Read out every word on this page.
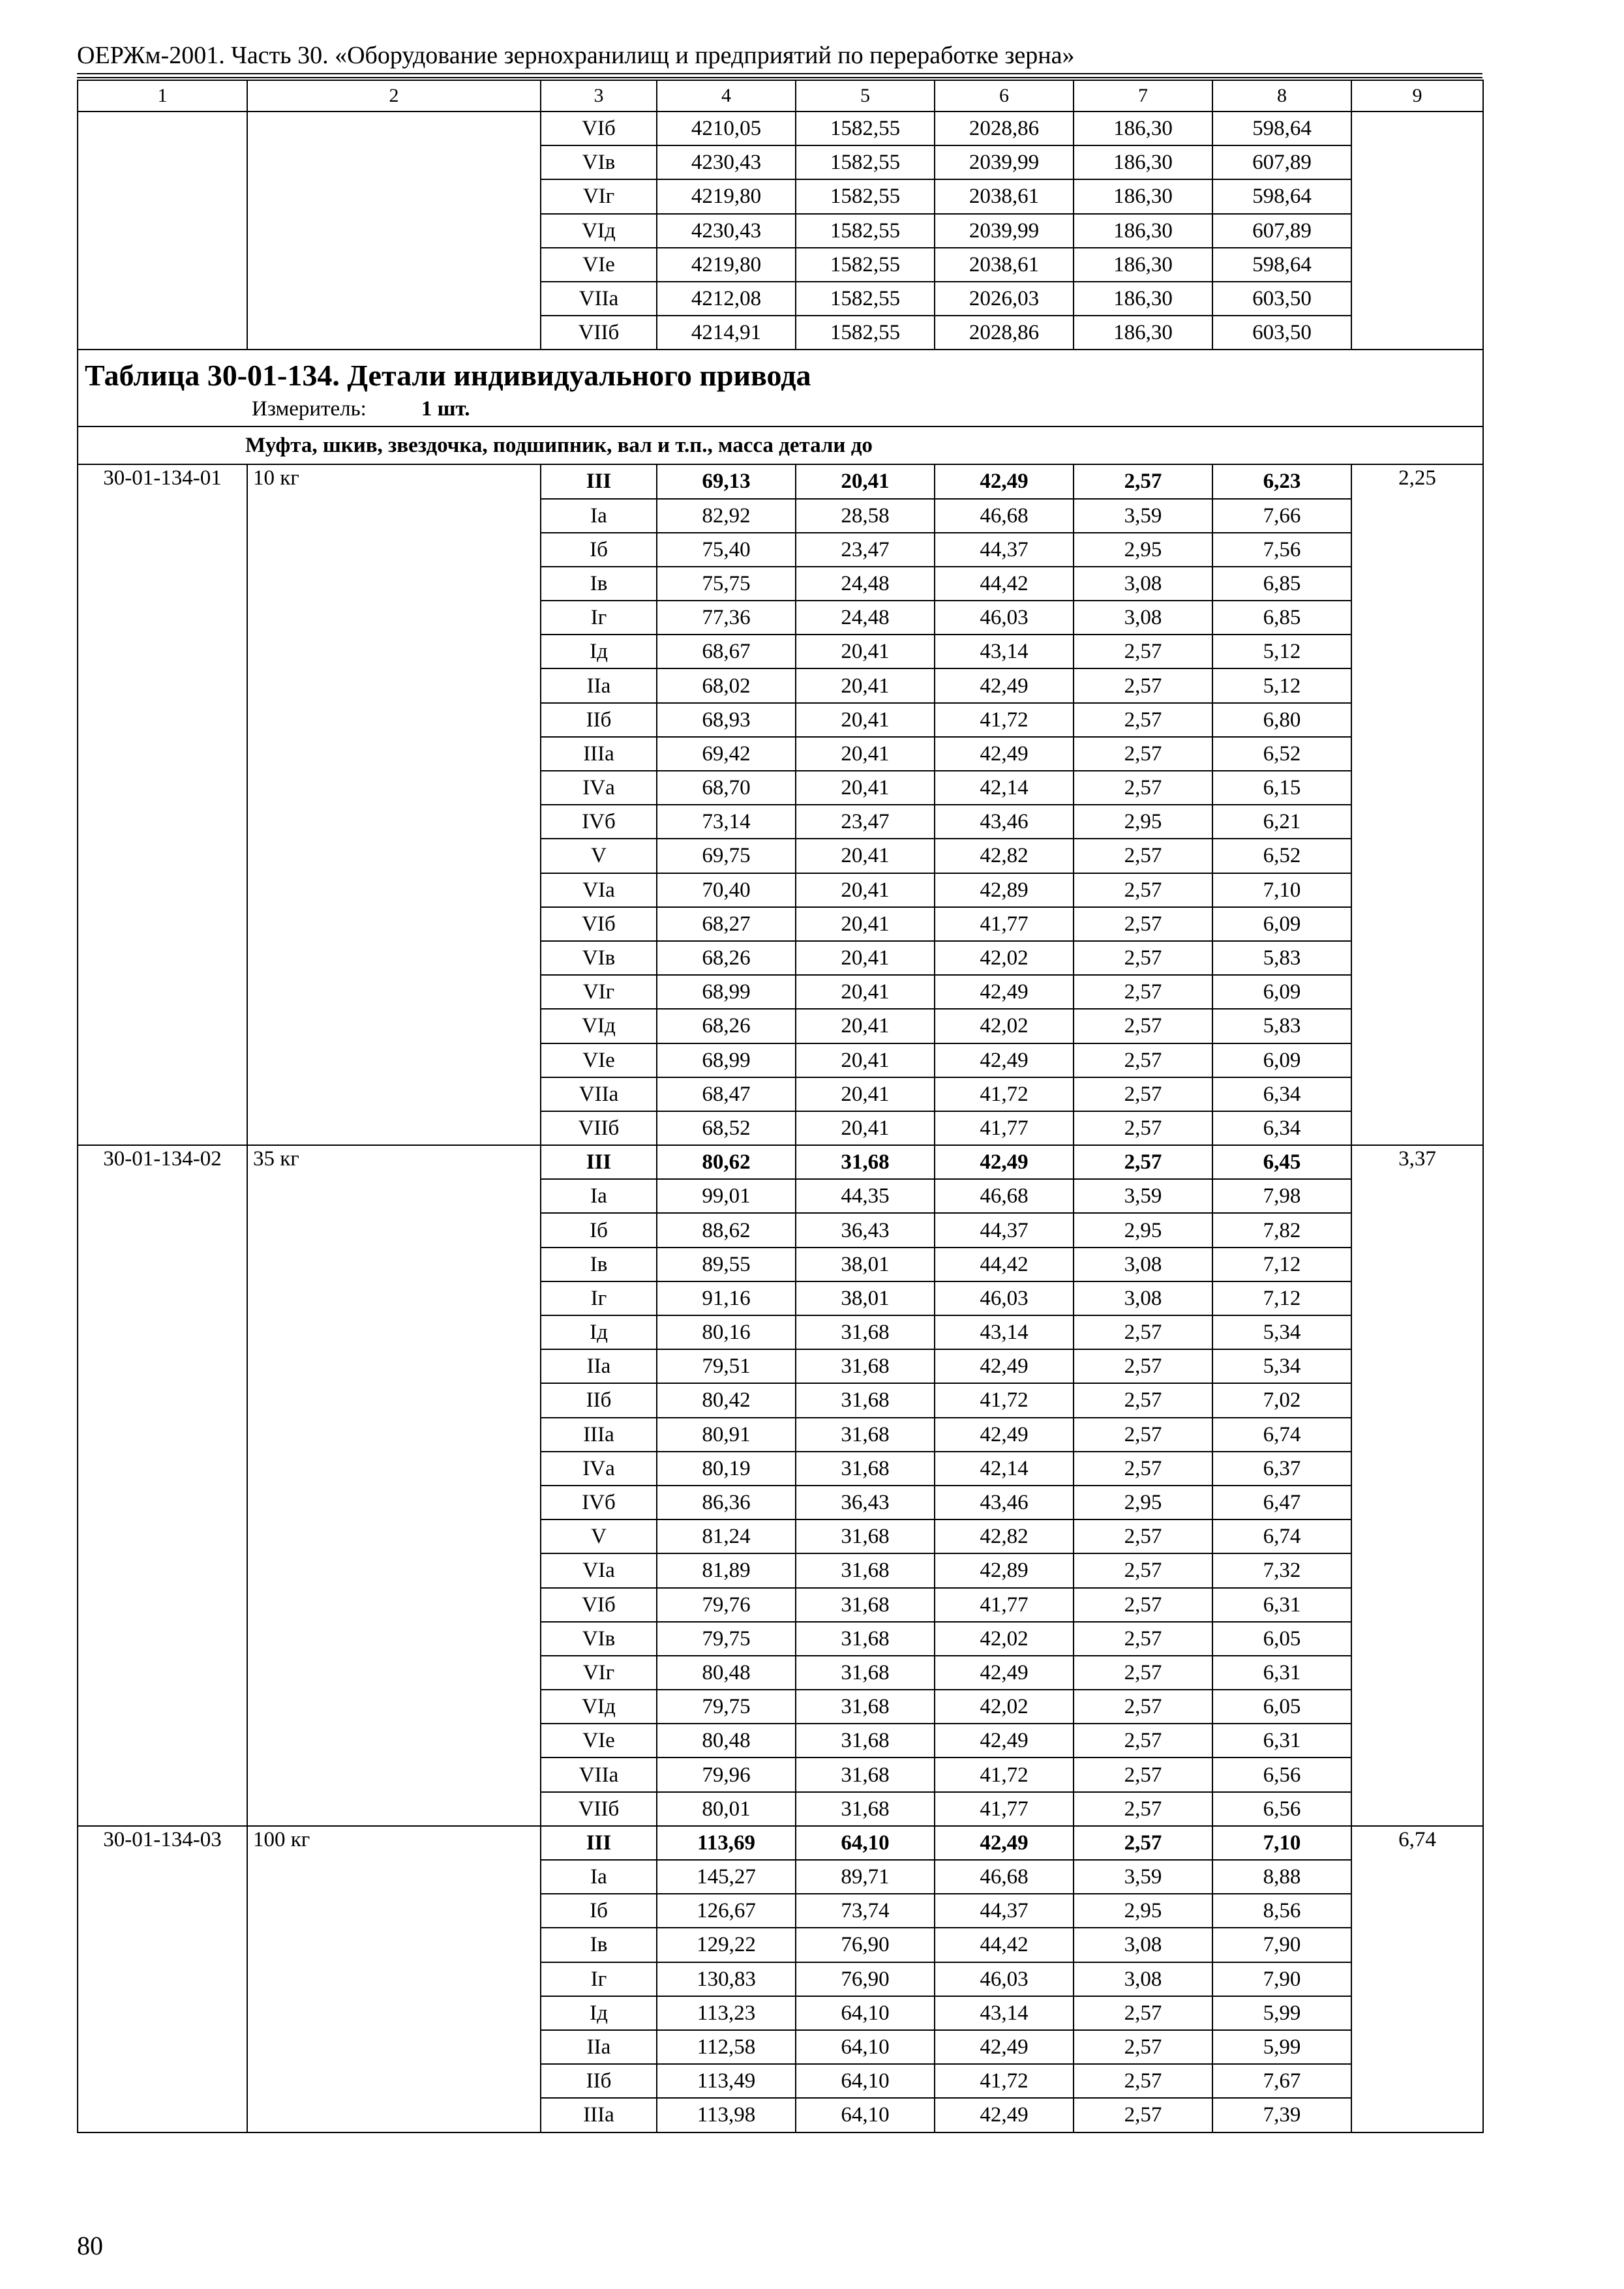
ОЕРЖм-2001. Часть 30. «Оборудование зернохранилищ и предприятий по переработке зерна»
1	2	3	4	5	6	7	8	9
		VIб	4210,05	1582,55	2028,86	186,30	598,64	
		VIв	4230,43	1582,55	2039,99	186,30	607,89	
		VIг	4219,80	1582,55	2038,61	186,30	598,64	
		VIд	4230,43	1582,55	2039,99	186,30	607,89	
		VIе	4219,80	1582,55	2038,61	186,30	598,64	
		VIIа	4212,08	1582,55	2026,03	186,30	603,50	
		VIIб	4214,91	1582,55	2028,86	186,30	603,50	

Таблица 30-01-134. Детали индивидуального привода
Измеритель: 1 шт.								

Муфта, шкив, звездочка, подшипник, вал и т.п., масса детали до								
30-01-134-01	10 кг	III	69,13	20,41	42,49	2,57	6,23	2,25
		Iа	82,92	28,58	46,68	3,59	7,66	
		Iб	75,40	23,47	44,37	2,95	7,56	
		Iв	75,75	24,48	44,42	3,08	6,85	
		Iг	77,36	24,48	46,03	3,08	6,85	
		Iд	68,67	20,41	43,14	2,57	5,12	
		IIа	68,02	20,41	42,49	2,57	5,12	
		IIб	68,93	20,41	41,72	2,57	6,80	
		IIIа	69,42	20,41	42,49	2,57	6,52	
		IVа	68,70	20,41	42,14	2,57	6,15	
		IVб	73,14	23,47	43,46	2,95	6,21	
		V	69,75	20,41	42,82	2,57	6,52	
		VIа	70,40	20,41	42,89	2,57	7,10	
		VIб	68,27	20,41	41,77	2,57	6,09	
		VIв	68,26	20,41	42,02	2,57	5,83	
		VIг	68,99	20,41	42,49	2,57	6,09	
		VIд	68,26	20,41	42,02	2,57	5,83	
		VIе	68,99	20,41	42,49	2,57	6,09	
		VIIа	68,47	20,41	41,72	2,57	6,34	
		VIIб	68,52	20,41	41,77	2,57	6,34	
30-01-134-02	35 кг	III	80,62	31,68	42,49	2,57	6,45	3,37
		Iа	99,01	44,35	46,68	3,59	7,98	
		Iб	88,62	36,43	44,37	2,95	7,82	
		Iв	89,55	38,01	44,42	3,08	7,12	
		Iг	91,16	38,01	46,03	3,08	7,12	
		Iд	80,16	31,68	43,14	2,57	5,34	
		IIа	79,51	31,68	42,49	2,57	5,34	
		IIб	80,42	31,68	41,72	2,57	7,02	
		IIIа	80,91	31,68	42,49	2,57	6,74	
		IVа	80,19	31,68	42,14	2,57	6,37	
		IVб	86,36	36,43	43,46	2,95	6,47	
		V	81,24	31,68	42,82	2,57	6,74	
		VIа	81,89	31,68	42,89	2,57	7,32	
		VIб	79,76	31,68	41,77	2,57	6,31	
		VIв	79,75	31,68	42,02	2,57	6,05	
		VIг	80,48	31,68	42,49	2,57	6,31	
		VIд	79,75	31,68	42,02	2,57	6,05	
		VIе	80,48	31,68	42,49	2,57	6,31	
		VIIа	79,96	31,68	41,72	2,57	6,56	
		VIIб	80,01	31,68	41,77	2,57	6,56	
30-01-134-03	100 кг	III	113,69	64,10	42,49	2,57	7,10	6,74
		Iа	145,27	89,71	46,68	3,59	8,88	
		Iб	126,67	73,74	44,37	2,95	8,56	
		Iв	129,22	76,90	44,42	3,08	7,90	
		Iг	130,83	76,90	46,03	3,08	7,90	
		Iд	113,23	64,10	43,14	2,57	5,99	
		IIа	112,58	64,10	42,49	2,57	5,99	
		IIб	113,49	64,10	41,72	2,57	7,67	
		IIIа	113,98	64,10	42,49	2,57	7,39	
80
